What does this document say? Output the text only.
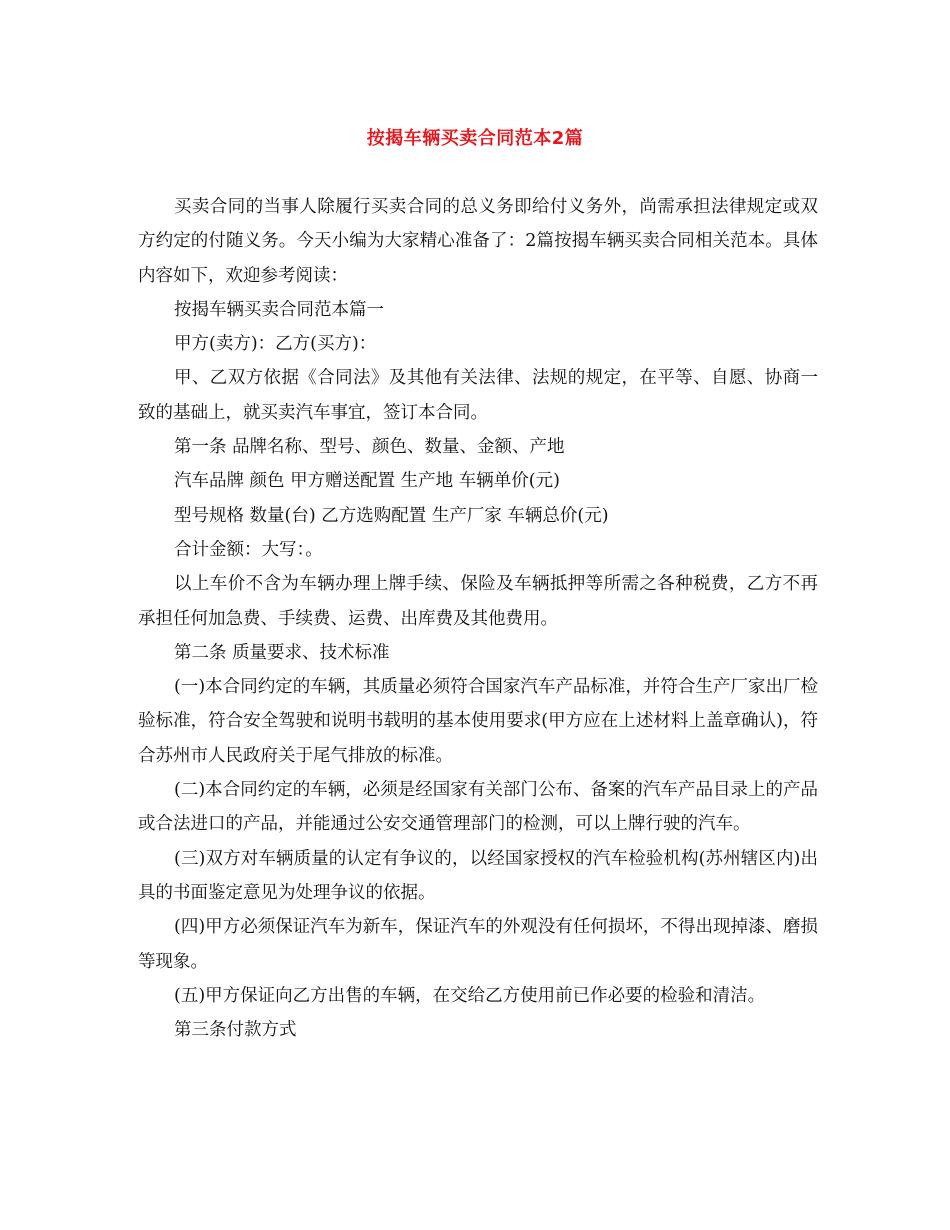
按揭车辆买卖合同范本2篇

买卖合同的当事人除履行买卖合同的总义务即给付义务外，尚需承担法律规定或双方约定的付随义务。今天小编为大家精心准备了：2篇按揭车辆买卖合同相关范本。具体内容如下，欢迎参考阅读：

按揭车辆买卖合同范本篇一

甲方(卖方)：乙方(买方)：

甲、乙双方依据《合同法》及其他有关法律、法规的规定，在平等、自愿、协商一致的基础上，就买卖汽车事宜，签订本合同。

第一条 品牌名称、型号、颜色、数量、金额、产地

汽车品牌 颜色 甲方赠送配置 生产地 车辆单价(元)

型号规格 数量(台) 乙方选购配置 生产厂家 车辆总价(元)

合计金额：大写：。

以上车价不含为车辆办理上牌手续、保险及车辆抵押等所需之各种税费，乙方不再承担任何加急费、手续费、运费、出库费及其他费用。

第二条 质量要求、技术标准

(一)本合同约定的车辆，其质量必须符合国家汽车产品标准，并符合生产厂家出厂检验标准，符合安全驾驶和说明书载明的基本使用要求(甲方应在上述材料上盖章确认)，符合苏州市人民政府关于尾气排放的标准。

(二)本合同约定的车辆，必须是经国家有关部门公布、备案的汽车产品目录上的产品或合法进口的产品，并能通过公安交通管理部门的检测，可以上牌行驶的汽车。

(三)双方对车辆质量的认定有争议的，以经国家授权的汽车检验机构(苏州辖区内)出具的书面鉴定意见为处理争议的依据。

(四)甲方必须保证汽车为新车，保证汽车的外观没有任何损坏，不得出现掉漆、磨损等现象。

(五)甲方保证向乙方出售的车辆，在交给乙方使用前已作必要的检验和清洁。

第三条付款方式
